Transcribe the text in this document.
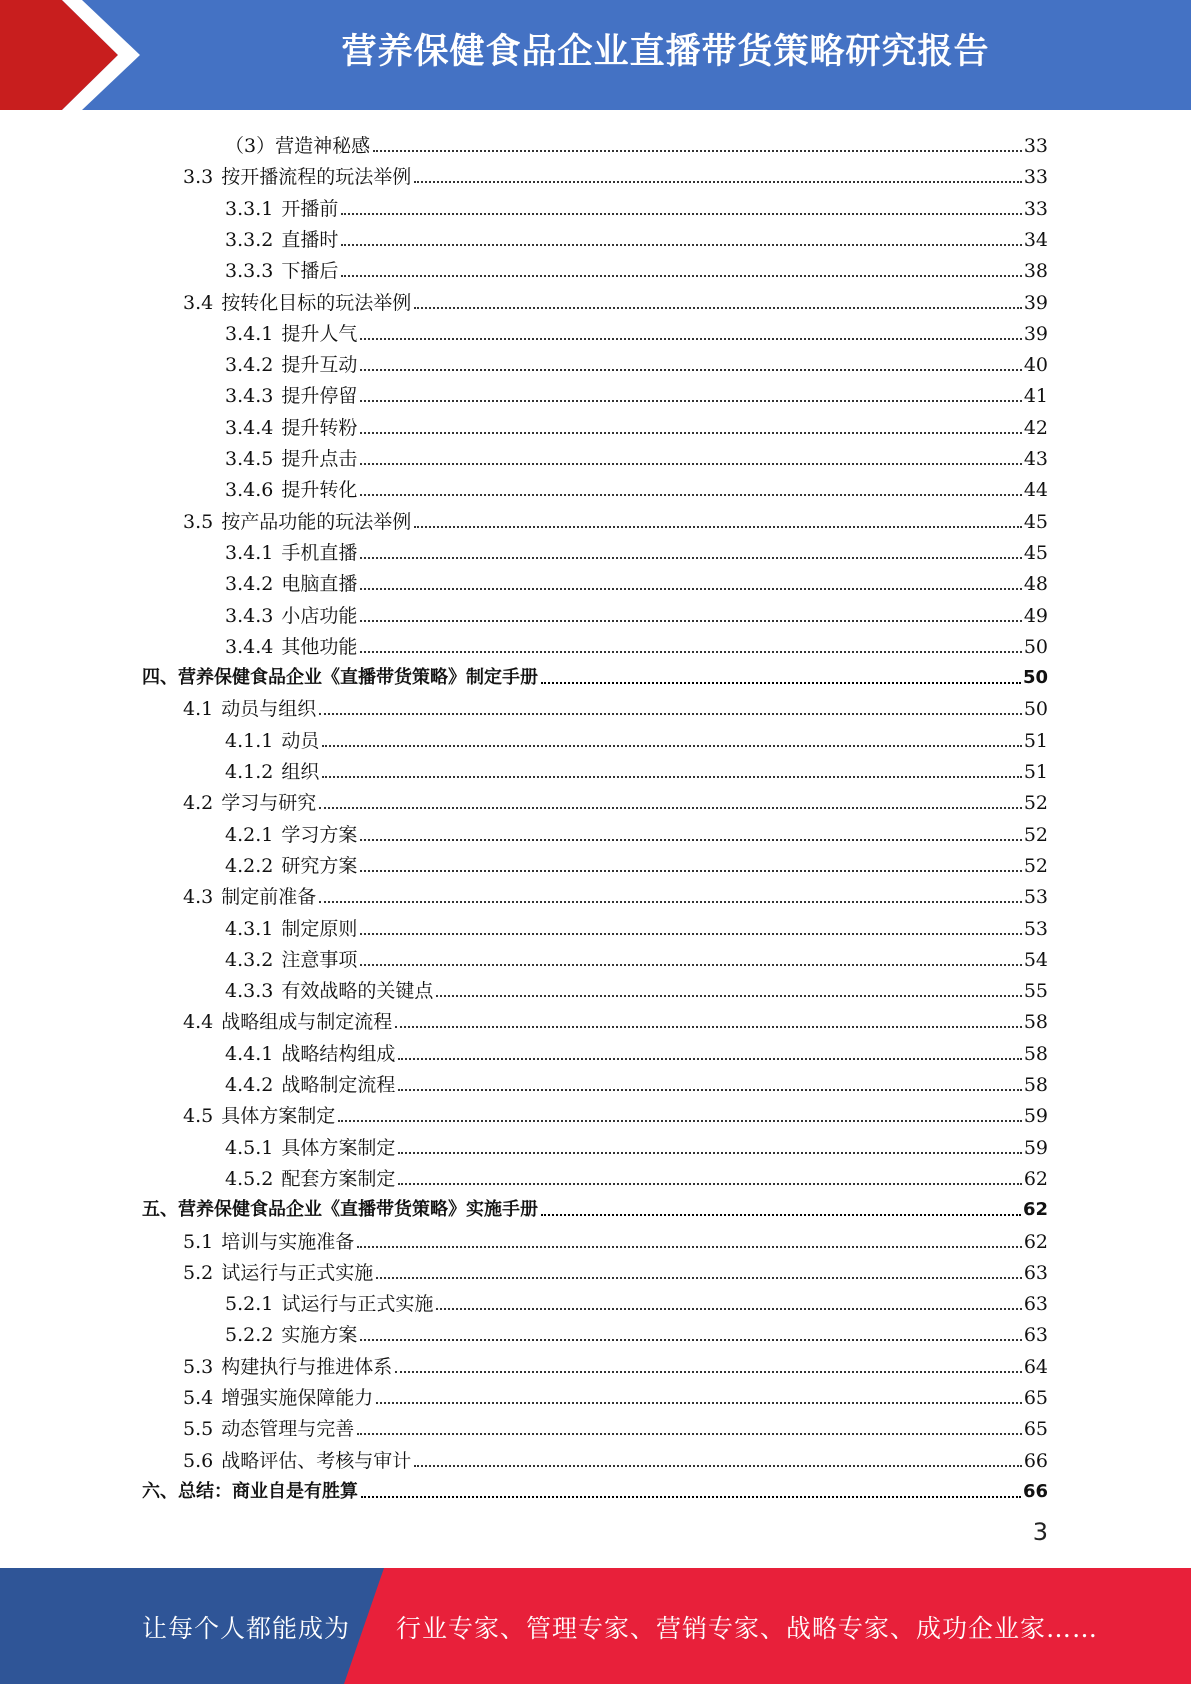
营养保健食品企业直播带货策略研究报告
（3）营造神秘感	33
3.3 按开播流程的玩法举例	33
3.3.1 开播前	33
3.3.2 直播时	34
3.3.3 下播后	38
3.4 按转化目标的玩法举例	39
3.4.1 提升人气	39
3.4.2 提升互动	40
3.4.3 提升停留	41
3.4.4 提升转粉	42
3.4.5 提升点击	43
3.4.6 提升转化	44
3.5 按产品功能的玩法举例	45
3.4.1 手机直播	45
3.4.2 电脑直播	48
3.4.3 小店功能	49
3.4.4 其他功能	50
四、营养保健食品企业《直播带货策略》制定手册	50
4.1 动员与组织	50
4.1.1 动员	51
4.1.2 组织	51
4.2 学习与研究	52
4.2.1 学习方案	52
4.2.2 研究方案	52
4.3 制定前准备	53
4.3.1 制定原则	53
4.3.2 注意事项	54
4.3.3 有效战略的关键点	55
4.4 战略组成与制定流程	58
4.4.1 战略结构组成	58
4.4.2 战略制定流程	58
4.5 具体方案制定	59
4.5.1 具体方案制定	59
4.5.2 配套方案制定	62
五、营养保健食品企业《直播带货策略》实施手册	62
5.1 培训与实施准备	62
5.2 试运行与正式实施	63
5.2.1 试运行与正式实施	63
5.2.2 实施方案	63
5.3 构建执行与推进体系	64
5.4 增强实施保障能力	65
5.5 动态管理与完善	65
5.6 战略评估、考核与审计	66
六、总结：商业自是有胜算	66
3
让每个人都能成为 行业专家、管理专家、营销专家、战略专家、成功企业家……
